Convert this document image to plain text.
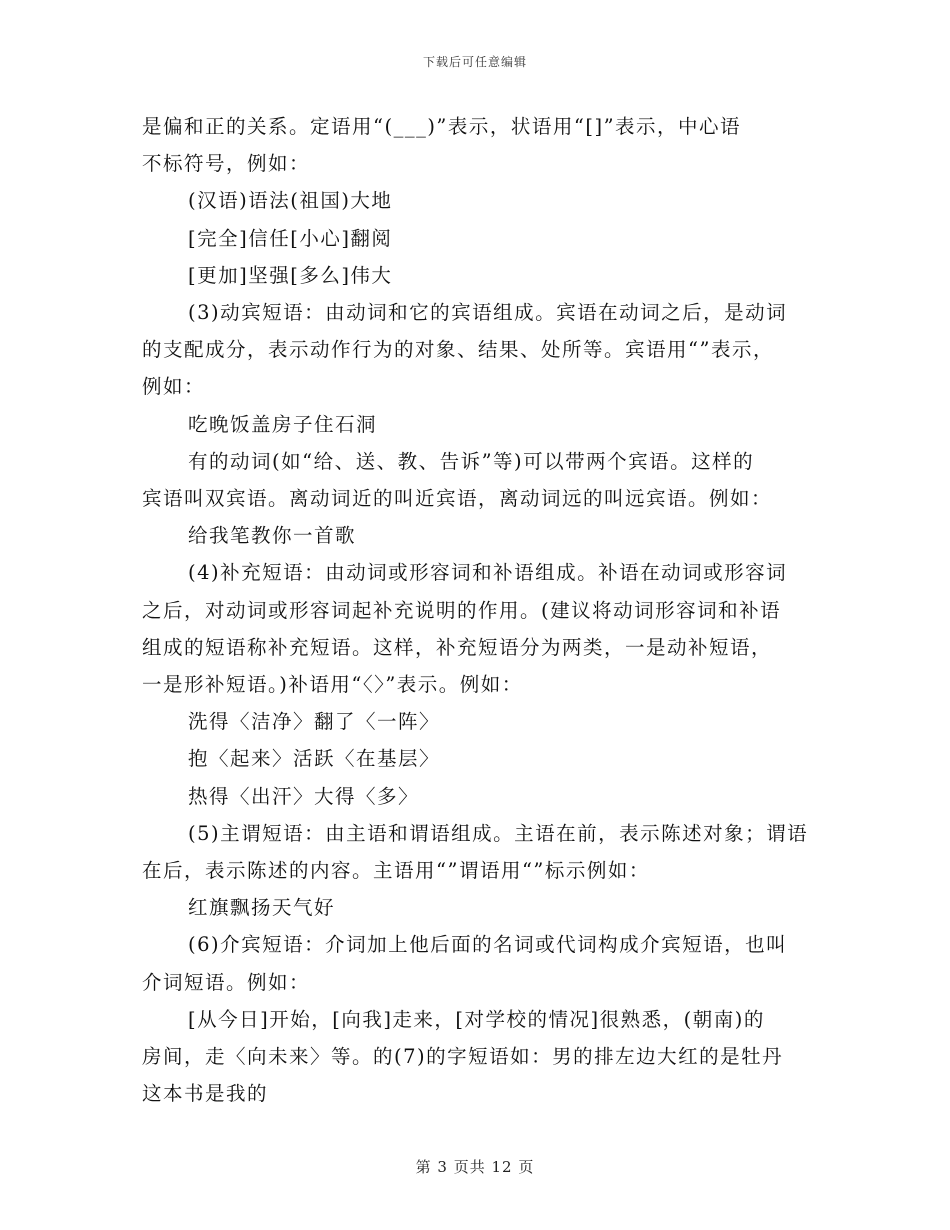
下载后可任意编辑

是偏和正的关系。定语用“(___)”表示，状语用“[]”表示，中心语

不标符号，例如：

(汉语)语法(祖国)大地

[完全]信任[小心]翻阅

[更加]坚强[多么]伟大

(3)动宾短语：由动词和它的宾语组成。宾语在动词之后，是动词

的支配成分，表示动作行为的对象、结果、处所等。宾语用“”表示，

例如：

吃晚饭盖房子住石洞

有的动词(如“给、送、教、告诉”等)可以带两个宾语。这样的

宾语叫双宾语。离动词近的叫近宾语，离动词远的叫远宾语。例如：

给我笔教你一首歌

(4)补充短语：由动词或形容词和补语组成。补语在动词或形容词

之后，对动词或形容词起补充说明的作用。(建议将动词形容词和补语

组成的短语称补充短语。这样，补充短语分为两类，一是动补短语，

一是形补短语。)补语用“〈〉”表示。例如：

洗得〈洁净〉翻了〈一阵〉

抱〈起来〉活跃〈在基层〉

热得〈出汗〉大得〈多〉

(5)主谓短语：由主语和谓语组成。主语在前，表示陈述对象；谓语

在后，表示陈述的内容。主语用“”谓语用“”标示例如：

红旗飘扬天气好

(6)介宾短语：介词加上他后面的名词或代词构成介宾短语，也叫

介词短语。例如：

[从今日]开始，[向我]走来，[对学校的情况]很熟悉，(朝南)的

房间，走〈向未来〉等。的(7)的字短语如：男的排左边大红的是牡丹

这本书是我的

第 3 页共 12 页
